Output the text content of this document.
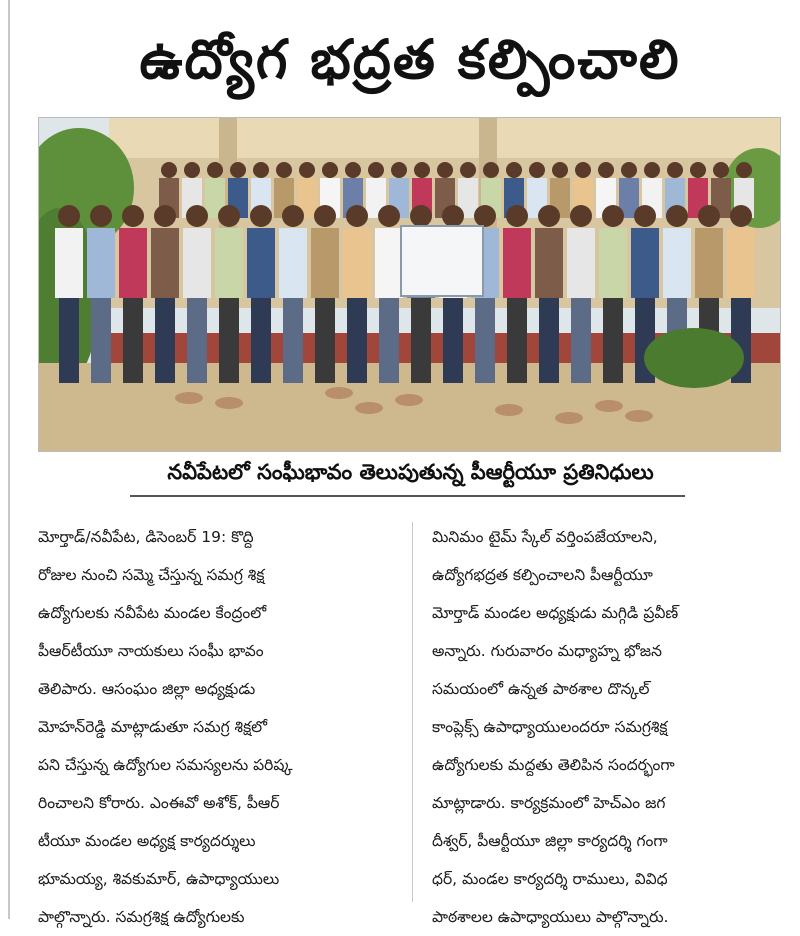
ఉద్యోగ భద్రత కల్పించాలి
నవీపేటలో సంఘీభావం తెలుపుతున్న పీఆర్టీయూ ప్రతినిధులు
మోర్తాడ్‌/నవీపేట, డిసెంబర్‌ 19: కొద్ది
రోజుల నుంచి సమ్మె చేస్తున్న సమగ్ర శిక్ష
ఉద్యోగులకు నవీపేట మండల కేంద్రంలో
పీఆర్‌టీయూ నాయకులు సంఘీ భావం
తెలిపారు. ఆసంఘం జిల్లా అధ్యక్షుడు
మోహన్‌రెడ్డి మాట్లాడుతూ సమగ్ర శిక్షలో
పని చేస్తున్న ఉద్యోగుల సమస్యలను పరిష్క
రించాలని కోరారు. ఎంఈవో అశోక్‌, పీఆర్‌
టీయూ మండల అధ్యక్ష కార్యదర్శులు
భూమయ్య, శివకుమార్‌, ఉపాధ్యాయులు
పాల్గొన్నారు. సమగ్రశిక్ష ఉద్యోగులకు
మినిమం టైమ్‌ స్కేల్‌ వర్తింపజేయాలని,
ఉద్యోగభద్రత కల్పించాలని పీఆర్టీయూ
మోర్తాడ్‌ మండల అధ్యక్షుడు మగ్గిడి ప్రవీణ్‌
అన్నారు. గురువారం మధ్యాహ్న భోజన
సమయంలో ఉన్నత పాఠశాల దొన్కల్‌
కాంప్లెక్స్‌ ఉపాధ్యాయులందరూ సమగ్రశిక్ష
ఉద్యోగులకు మద్దతు తెలిపిన సందర్భంగా
మాట్లాడారు. కార్యక్రమంలో హెచ్‌ఎం జగ
దీశ్వర్‌, పీఆర్టీయూ జిల్లా కార్యదర్శి గంగా
ధర్‌, మండల కార్యదర్శి రాములు, వివిధ
పాఠశాలల ఉపాధ్యాయులు పాల్గొన్నారు.
